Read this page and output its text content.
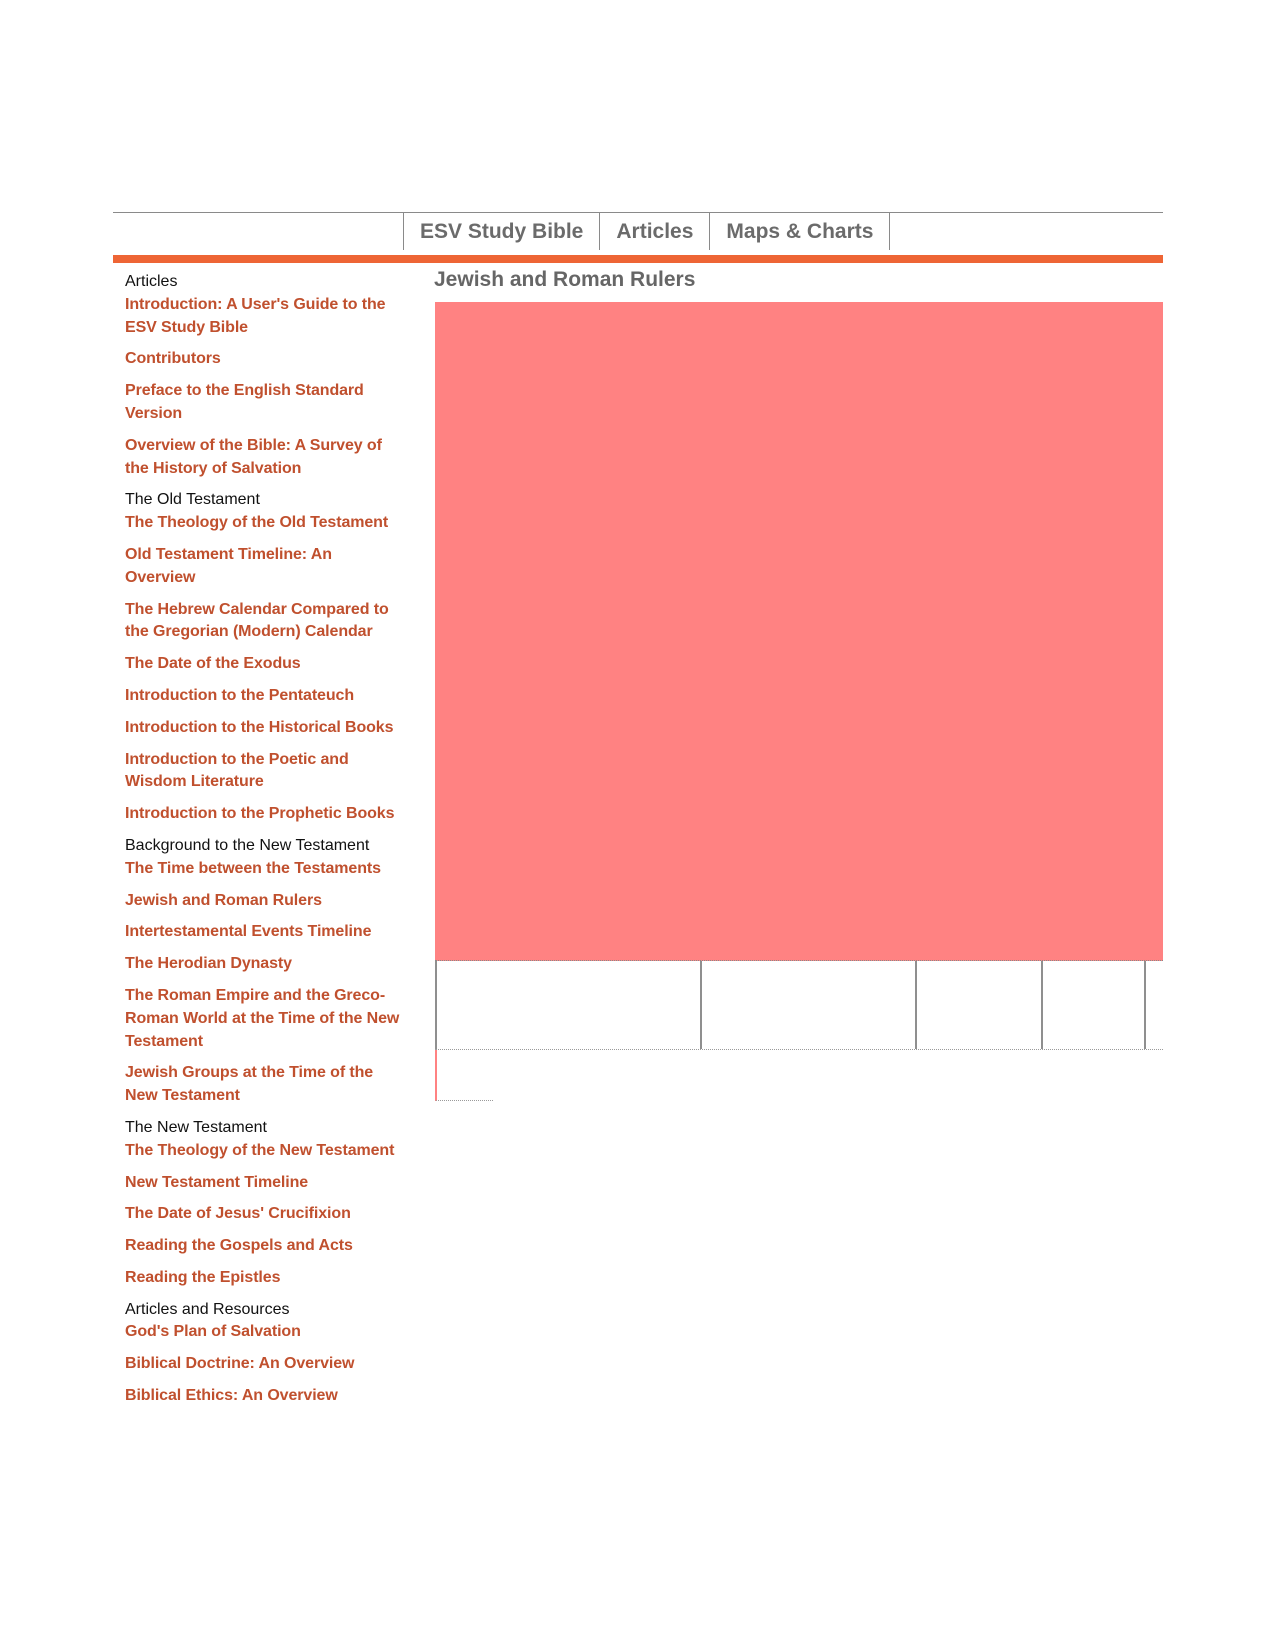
ESV Study Bible	Articles	Maps & Charts
Articles
Introduction: A User's Guide to the ESV Study Bible
Contributors
Preface to the English Standard Version
Overview of the Bible: A Survey of the History of Salvation
The Old Testament
The Theology of the Old Testament
Old Testament Timeline: An Overview
The Hebrew Calendar Compared to the Gregorian (Modern) Calendar
The Date of the Exodus
Introduction to the Pentateuch
Introduction to the Historical Books
Introduction to the Poetic and Wisdom Literature
Introduction to the Prophetic Books
Background to the New Testament
The Time between the Testaments
Jewish and Roman Rulers
Intertestamental Events Timeline
The Herodian Dynasty
The Roman Empire and the Greco-Roman World at the Time of the New Testament
Jewish Groups at the Time of the New Testament
The New Testament
The Theology of the New Testament
New Testament Timeline
The Date of Jesus' Crucifixion
Reading the Gospels and Acts
Reading the Epistles
Articles and Resources
God's Plan of Salvation
Biblical Doctrine: An Overview
Biblical Ethics: An Overview
Jewish and Roman Rulers
